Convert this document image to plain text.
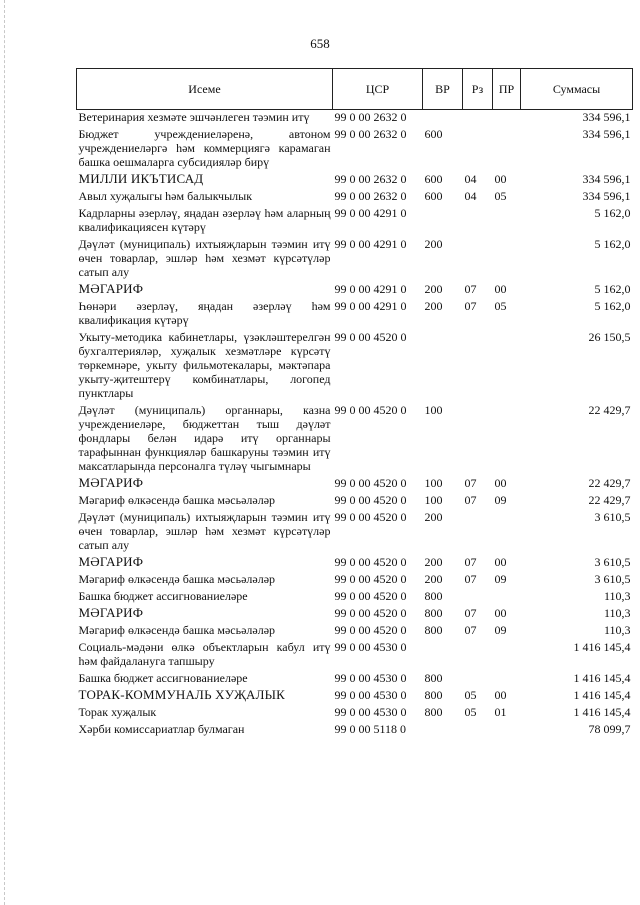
658
Исеме	ЦСР	ВР	Рз	ПР	Суммасы
Ветеринария хезмәте эшчәнлеген тәэмин итү	99 0 00 2632 0				334 596,1
Бюджет учреждениеләренә, автоном учреждениеләргә һәм коммерциягә карамаган башка оешмаларга субсидияләр бирү	99 0 00 2632 0	600			334 596,1
МИЛЛИ ИКЪТИСАД	99 0 00 2632 0	600	04	00	334 596,1
Авыл хуҗалыгы һәм балыкчылык	99 0 00 2632 0	600	04	05	334 596,1
Кадрларны әзерләү, яңадан әзерләү һәм аларның квалификациясен күтәрү	99 0 00 4291 0				5 162,0
Дәүләт (муниципаль) ихтыяҗларын тәэмин итү өчен товарлар, эшләр һәм хезмәт күрсәтүләр сатып алу	99 0 00 4291 0	200			5 162,0
МӘГАРИФ	99 0 00 4291 0	200	07	00	5 162,0
Һөнәри әзерләү, яңадан әзерләү һәм квалификация күтәрү	99 0 00 4291 0	200	07	05	5 162,0
Укыту-методика кабинетлары, үзәкләштерелгән бухгалтерияләр, хуҗалык хезмәтләре күрсәтү төркемнәре, укыту фильмотекалары, мәктәпара укыту-җитештерү комбинатлары, логопед пунктлары	99 0 00 4520 0				26 150,5
Дәүләт (муниципаль) органнары, казна учреждениеләре, бюджеттан тыш дәүләт фондлары белән идарә итү органнары тарафыннан функцияләр башкаруны тәэмин итү максатларында персоналга түләү чыгымнары	99 0 00 4520 0	100			22 429,7
МӘГАРИФ	99 0 00 4520 0	100	07	00	22 429,7
Мәгариф өлкәсендә башка мәсьәләләр	99 0 00 4520 0	100	07	09	22 429,7
Дәүләт (муниципаль) ихтыяҗларын тәэмин итү өчен товарлар, эшләр һәм хезмәт күрсәтүләр сатып алу	99 0 00 4520 0	200			3 610,5
МӘГАРИФ	99 0 00 4520 0	200	07	00	3 610,5
Мәгариф өлкәсендә башка мәсьәләләр	99 0 00 4520 0	200	07	09	3 610,5
Башка бюджет ассигнованиеләре	99 0 00 4520 0	800			110,3
МӘГАРИФ	99 0 00 4520 0	800	07	00	110,3
Мәгариф өлкәсендә башка мәсьәләләр	99 0 00 4520 0	800	07	09	110,3
Социаль-мәдәни өлкә объектларын кабул итү һәм файдалануга тапшыру	99 0 00 4530 0				1 416 145,4
Башка бюджет ассигнованиеләре	99 0 00 4530 0	800			1 416 145,4
ТОРАК-КОММУНАЛЬ ХУҖАЛЫК	99 0 00 4530 0	800	05	00	1 416 145,4
Торак хуҗалык	99 0 00 4530 0	800	05	01	1 416 145,4
Хәрби комиссариатлар булмаган	99 0 00 5118 0				78 099,7
